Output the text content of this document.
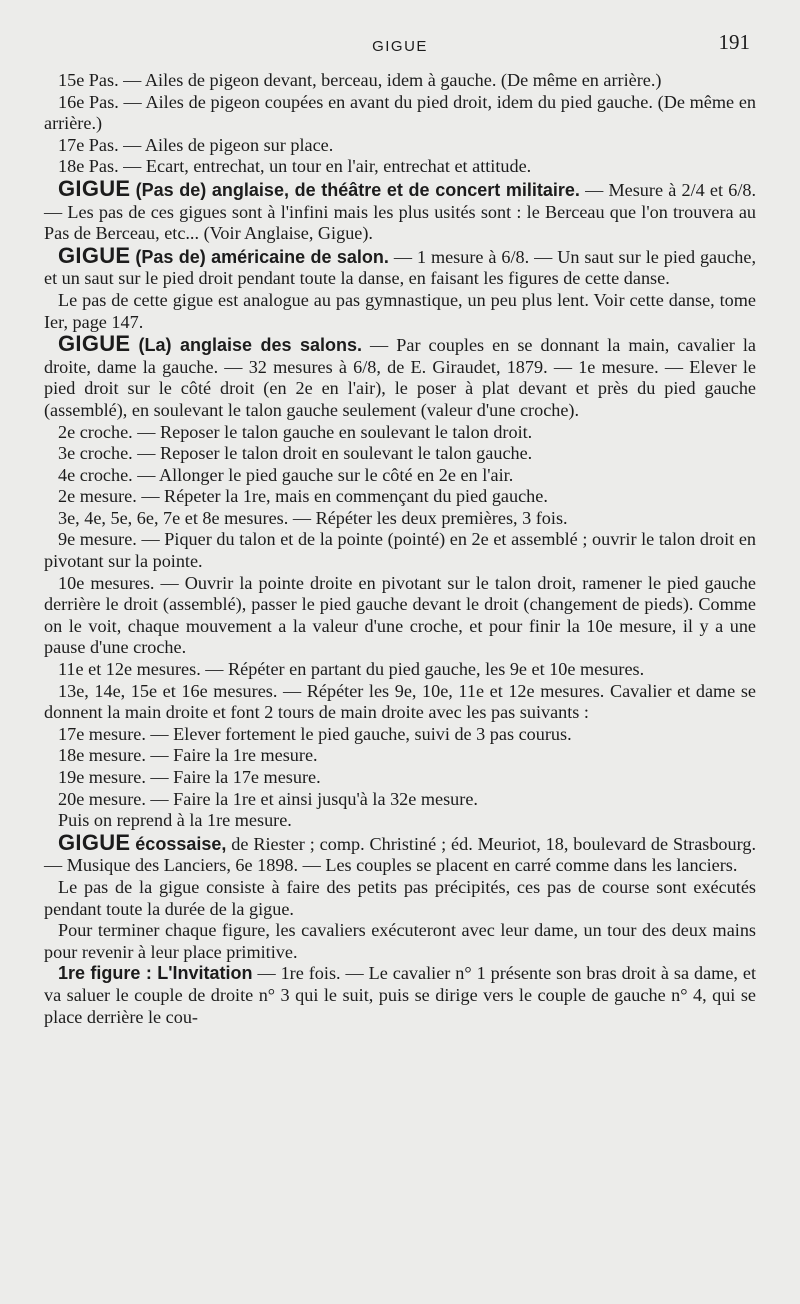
GIGUE	191

15e Pas. — Ailes de pigeon devant, berceau, idem à gauche. (De même en arrière.)

16e Pas. — Ailes de pigeon coupées en avant du pied droit, idem du pied gauche. (De même en arrière.)

17e Pas. — Ailes de pigeon sur place.

18e Pas. — Ecart, entrechat, un tour en l'air, entrechat et attitude.

GIGUE (Pas de) anglaise, de théâtre et de concert militaire. — Mesure à 2/4 et 6/8. — Les pas de ces gigues sont à l'infini mais les plus usités sont : le Berceau que l'on trouvera au Pas de Berceau, etc... (Voir Anglaise, Gigue).

GIGUE (Pas de) américaine de salon. — 1 mesure à 6/8. — Un saut sur le pied gauche, et un saut sur le pied droit pendant toute la danse, en faisant les figures de cette danse.

Le pas de cette gigue est analogue au pas gymnastique, un peu plus lent. Voir cette danse, tome Ier, page 147.

GIGUE (La) anglaise des salons. — Par couples en se donnant la main, cavalier la droite, dame la gauche. — 32 mesures à 6/8, de E. Giraudet, 1879. — 1e mesure. — Elever le pied droit sur le côté droit (en 2e en l'air), le poser à plat devant et près du pied gauche (assemblé), en soulevant le talon gauche seulement (valeur d'une croche).

2e croche. — Reposer le talon gauche en soulevant le talon droit.

3e croche. — Reposer le talon droit en soulevant le talon gauche.

4e croche. — Allonger le pied gauche sur le côté en 2e en l'air.

2e mesure. — Répeter la 1re, mais en commençant du pied gauche.

3e, 4e, 5e, 6e, 7e et 8e mesures. — Répéter les deux premières, 3 fois.

9e mesure. — Piquer du talon et de la pointe (pointé) en 2e et assemblé ; ouvrir le talon droit en pivotant sur la pointe.

10e mesures. — Ouvrir la pointe droite en pivotant sur le talon droit, ramener le pied gauche derrière le droit (assemblé), passer le pied gauche devant le droit (changement de pieds). Comme on le voit, chaque mouvement a la valeur d'une croche, et pour finir la 10e mesure, il y a une pause d'une croche.

11e et 12e mesures. — Répéter en partant du pied gauche, les 9e et 10e mesures.

13e, 14e, 15e et 16e mesures. — Répéter les 9e, 10e, 11e et 12e mesures. Cavalier et dame se donnent la main droite et font 2 tours de main droite avec les pas suivants :

17e mesure. — Elever fortement le pied gauche, suivi de 3 pas courus.

18e mesure. — Faire la 1re mesure.

19e mesure. — Faire la 17e mesure.

20e mesure. — Faire la 1re et ainsi jusqu'à la 32e mesure.

Puis on reprend à la 1re mesure.

GIGUE écossaise, de Riester ; comp. Christiné ; éd. Meuriot, 18, boulevard de Strasbourg. — Musique des Lanciers, 6e 1898. — Les couples se placent en carré comme dans les lanciers.

Le pas de la gigue consiste à faire des petits pas précipités, ces pas de course sont exécutés pendant toute la durée de la gigue.

Pour terminer chaque figure, les cavaliers exécuteront avec leur dame, un tour des deux mains pour revenir à leur place primitive.

1re figure : L'Invitation — 1re fois. — Le cavalier n° 1 présente son bras droit à sa dame, et va saluer le couple de droite n° 3 qui le suit, puis se dirige vers le couple de gauche n° 4, qui se place derrière le cou-
